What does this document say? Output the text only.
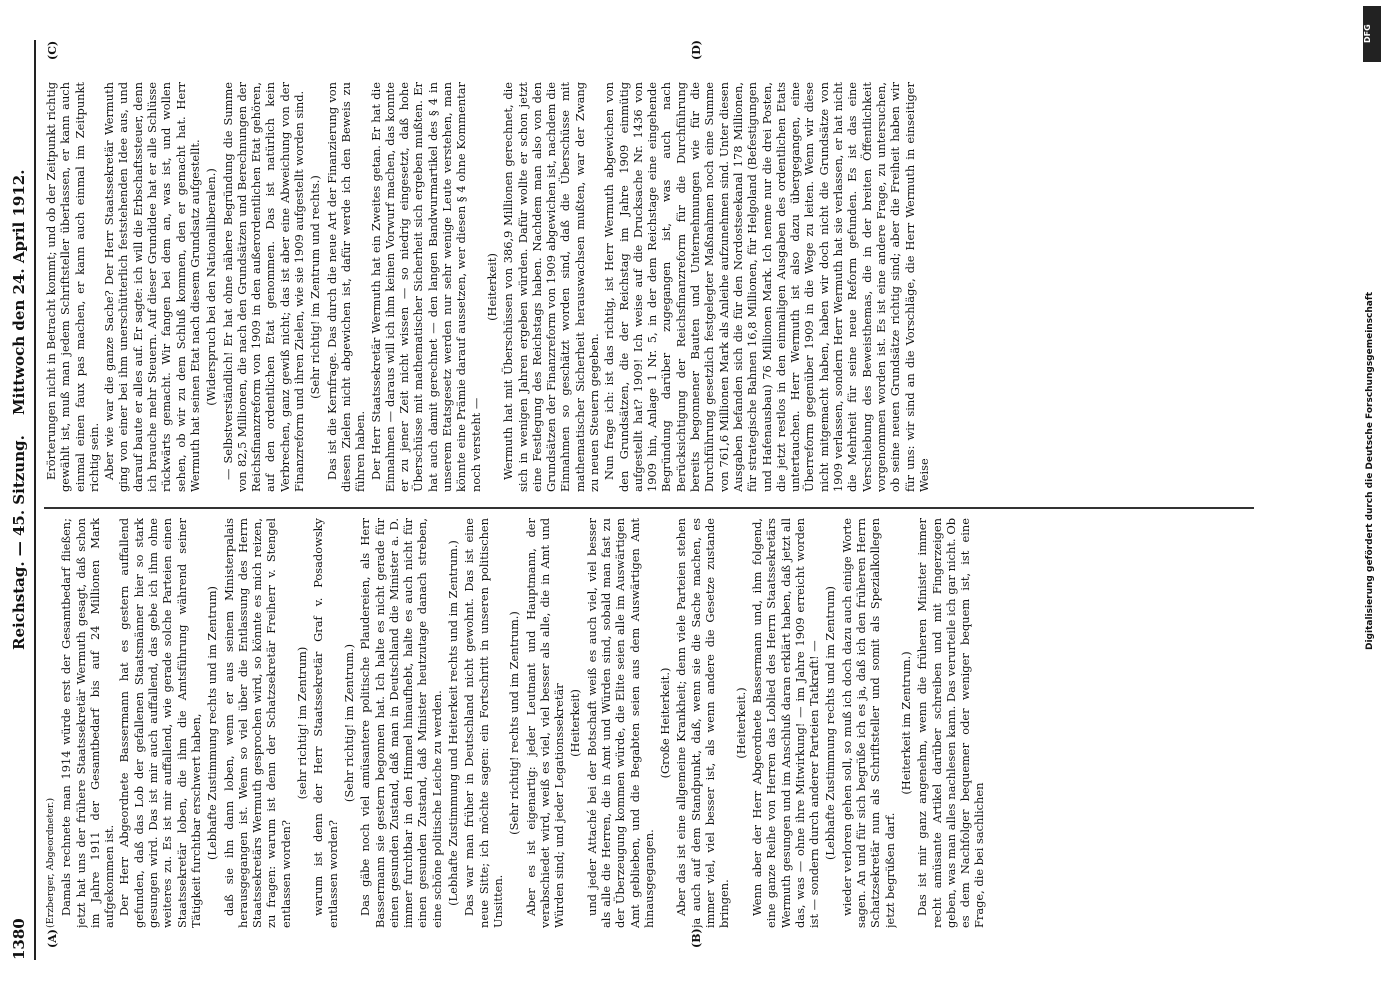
1380
Reichstag. — 45. Sitzung.
Mittwoch den 24. April 1912.
(A)	(B)
(C)	(D)

(Erzberger, Abgeordneter.) Damals rechnete man 1914 würde erst der Gesamtbedarf fließen; jetzt hat uns der frühere Staatssekretär Wermuth gesagt, daß schon im Jahre 1911 der Gesamtbedarf bis auf 24 Millionen Mark aufgekommen ist. Der Herr Abgeordnete Bassermann hat es gestern auffallend gefunden, daß das Lob der gefallenen Staatsmänner hier so stark gesungen wird. Das ist mir auch auffallend, das gebe ich ihm ohne weiteres zu. Es ist mir auffallend, wie gerade solche Parteien einen Staatssekretär loben, die ihm die Amtsführung während seiner Tätigkeit furchtbar erschwert haben, (Lebhafte Zustimmung rechts und im Zentrum) daß sie ihn dann loben, wenn er aus seinem Ministerpalais herausgegangen ist. Wenn so viel über die Entlassung des Herrn Staatssekretärs Wermuth gesprochen wird, so könnte es mich reizen, zu fragen: warum ist denn der Schatzsekretär Freiherr v. Stengel entlassen worden?

(sehr richtig! im Zentrum) warum ist denn der Herr Staatssekretär Graf v. Posadowsky entlassen worden?

(Sehr richtig! im Zentrum.) Das gäbe noch viel amüsantere politische Plaudereien, als Herr Bassermann sie gestern begonnen hat. Ich halte es nicht gerade für einen gesunden Zustand, daß man in Deutschland die Minister a. D. immer furchtbar in den Himmel hinaufhebt, halte es auch nicht für einen gesunden Zustand, daß Minister heutzutage danach streben, eine schöne politische Leiche zu werden. (Lebhafte Zustimmung und Heiterkeit rechts und im Zentrum.) Das war man früher in Deutschland nicht gewohnt. Das ist eine neue Sitte; ich möchte sagen: ein Fortschritt in unseren politischen Unsitten.

(Sehr richtig! rechts und im Zentrum.) Aber es ist eigenartig: jeder Leutnant und Hauptmann, der verabschiedet wird, weiß es viel, viel besser als alle, die in Amt und Würden sind; und jeder Legationssekretär (Heiterkeit) und jeder Attaché bei der Botschaft weiß es auch viel, viel besser als alle die Herren, die in Amt und Würden sind, sobald man fast zu der Überzeugung kommen würde, die Elite seien alle im Auswärtigen Amt geblieben, und die Begabten seien aus dem Auswärtigen Amt hinausgegangen.

(Große Heiterkeit.) Aber das ist eine allgemeine Krankheit; denn viele Parteien stehen ja auch auf dem Standpunkt, daß, wenn sie die Sache machen, es immer viel, viel besser ist, als wenn andere die Gesetze zustande bringen.

(Heiterkeit.) Wenn aber der Herr Abgeordnete Bassermann und, ihm folgend, eine ganze Reihe von Herren das Loblied des Herrn Staatssekretärs Wermuth gesungen und im Anschluß daran erklärt haben, daß jetzt all das, was — ohne ihre Mitwirkung! — im Jahre 1909 erreicht worden ist — sondern durch anderer Parteien Tatkraft! — (Lebhafte Zustimmung rechts und im Zentrum) wieder verloren gehen soll, so muß ich doch dazu auch einige Worte sagen. An und für sich begrüße ich es ja, daß ich den früheren Herrn Schatzsekretär nun als Schriftsteller und somit als Spezialkollegen jetzt begrüßen darf.

(Heiterkeit im Zentrum.) Das ist mir ganz angenehm, wenn die früheren Minister immer recht amüsante Artikel darüber schreiben und mit Fingerzeigen geben, was man alles nachlesen kann. Das verurteile ich gar nicht. Ob es dem Nachfolger bequemer oder weniger bequem ist, ist eine Frage, die bei sachlichen

Erörterungen nicht in Betracht kommt; und ob der Zeitpunkt richtig gewählt ist, muß man jedem Schriftsteller überlassen, er kann auch einmal einen faux pas machen, er kann auch einmal im Zeitpunkt richtig sein. Aber wie war die ganze Sache? Der Herr Staatssekretär Wermuth ging von einer bei ihm unerschütterlich feststehenden Idee aus, und darauf baute er alles auf. Er sagte: ich will die Erbschaftssteuer, denn ich brauche mehr Steuern. Auf dieser Grundidee hat er alle Schlüsse rückwärts gemacht. Wir fangen bei dem an, was ist, und wollen sehen, ob wir zu dem Schluß kommen, den er gemacht hat. Herr Wermuth hat seinen Etat nach diesem Grundsatz aufgestellt. (Widerspruch bei den Nationalliberalen.) — Selbstverständlich! Er hat ohne nähere Begründung die Summe von 82,5 Millionen, die nach den Grundsätzen und Berechnungen der Reichsfinanzreform von 1909 in den außerordentlichen Etat gehören, auf den ordentlichen Etat genommen. Das ist natürlich kein Verbrechen, ganz gewiß nicht; das ist aber eine Abweichung von der Finanzreform und ihren Zielen, wie sie 1909 aufgestellt worden sind. (Sehr richtig! im Zentrum und rechts.) Das ist die Kernfrage. Das durch die neue Art der Finanzierung von diesen Zielen nicht abgewichen ist, dafür werde ich den Beweis zu führen haben. Der Herr Staatssekretär Wermuth hat ein Zweites getan. Er hat die Einnahmen — daraus will ich ihm keinen Vorwurf machen, das konnte er zu jener Zeit nicht wissen — so niedrig eingesetzt, daß hohe Überschüsse mit mathematischer Sicherheit sich ergeben mußten. Er hat auch damit gerechnet — den langen Bandwurmartikel des § 4 in unserem Etatsgesetz werden nur sehr wenige Leute verstehen, man könnte eine Prämie darauf aussetzen, wer diesen § 4 ohne Kommentar noch versteht —

(Heiterkeit) Wermuth hat mit Überschüssen von 386,9 Millionen gerechnet, die sich in wenigen Jahren ergeben würden. Dafür wollte er schon jetzt eine Festlegung des Reichstags haben. Nachdem man also von den Grundsätzen der Finanzreform von 1909 abgewichen ist, nachdem die Einnahmen so geschätzt worden sind, daß die Überschüsse mit mathematischer Sicherheit herauswachsen mußten, war der Zwang zu neuen Steuern gegeben. Nun frage ich: ist das richtig, ist Herr Wermuth abgewichen von den Grundsätzen, die der Reichstag im Jahre 1909 einmütig aufgestellt hat? 1909! Ich weise auf die Drucksache Nr. 1436 von 1909 hin, Anlage 1 Nr. 5, in der dem Reichstage eine eingehende Begründung darüber zugegangen ist, was auch nach Berücksichtigung der Reichsfinanzreform für die Durchführung bereits begonnener Bauten und Unternehmungen wie für die Durchführung gesetzlich festgelegter Maßnahmen noch eine Summe von 761,6 Millionen Mark als Anleihe aufzunehmen sind. Unter diesen Ausgaben befanden sich die für den Nordostseekanal 178 Millionen, für strategische Bahnen 16,8 Millionen, für Helgoland (Befestigungen und Hafenausbau) 76 Millionen Mark. Ich nenne nur die drei Posten, die jetzt restlos in den einmaligen Ausgaben des ordentlichen Etats untertauchen. Herr Wermuth ist also dazu übergegangen, eine Überreform gegenüber 1909 in die Wege zu leiten. Wenn wir diese nicht mitgemacht haben, haben wir doch nicht die Grundsätze von 1909 verlassen, sondern Herr Wermuth hat sie verlassen, er hat nicht die Mehrheit für seine neue Reform gefunden. Es ist das eine Verschiebung des Beweisthemas, die in der breiten Öffentlichkeit vorgenommen worden ist. Es ist eine andere Frage, zu untersuchen, ob seine neuen Grundsätze richtig sind; aber die Freiheit haben wir für uns: wir sind an die Vorschläge, die Herr Wermuth in einseitiger Weise

DFG
Digitalisierung gefördert durch die Deutsche Forschungsgemeinschaft
